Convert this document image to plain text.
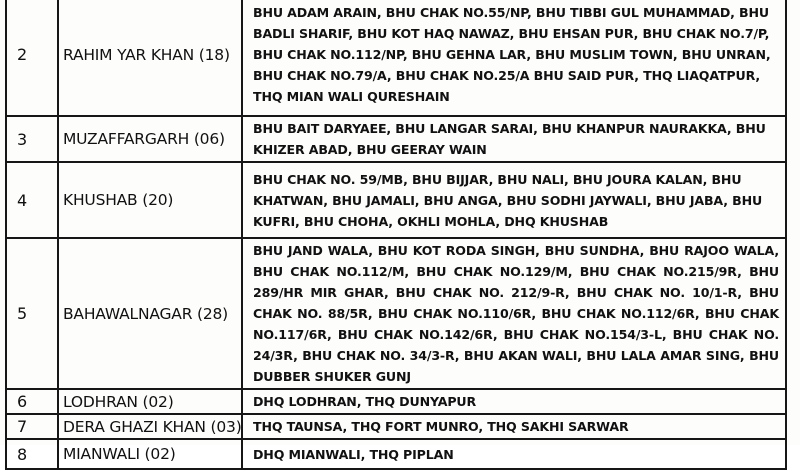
2	RAHIM YAR KHAN (18)	BHU ADAM ARAIN, BHU CHAK NO.55/NP, BHU TIBBI GUL MUHAMMAD, BHU BADLI SHARIF, BHU KOT HAQ NAWAZ, BHU EHSAN PUR, BHU CHAK NO.7/P, BHU CHAK NO.112/NP, BHU GEHNA LAR, BHU MUSLIM TOWN, BHU UNRAN, BHU CHAK NO.79/A, BHU CHAK NO.25/A BHU SAID PUR, THQ LIAQATPUR, THQ MIAN WALI QURESHAIN
3	MUZAFFARGARH (06)	BHU BAIT DARYAEE, BHU LANGAR SARAI, BHU KHANPUR NAURAKKA, BHU KHIZER ABAD, BHU GEERAY WAIN
4	KHUSHAB (20)	BHU CHAK NO. 59/MB, BHU BIJJAR, BHU NALI, BHU JOURA KALAN, BHU KHATWAN, BHU JAMALI, BHU ANGA, BHU SODHI JAYWALI, BHU JABA, BHU KUFRI, BHU CHOHA, OKHLI MOHLA, DHQ KHUSHAB
5	BAHAWALNAGAR (28)	BHU JAND WALA, BHU KOT RODA SINGH, BHU SUNDHA, BHU RAJOO WALA, BHU CHAK NO.112/M, BHU CHAK NO.129/M, BHU CHAK NO.215/9R, BHU 289/HR MIR GHAR, BHU CHAK NO. 212/9-R, BHU CHAK NO. 10/1-R, BHU CHAK NO. 88/5R, BHU CHAK NO.110/6R, BHU CHAK NO.112/6R, BHU CHAK NO.117/6R, BHU CHAK NO.142/6R, BHU CHAK NO.154/3-L, BHU CHAK NO. 24/3R, BHU CHAK NO. 34/3-R, BHU AKAN WALI, BHU LALA AMAR SING, BHU DUBBER SHUKER GUNJ
6	LODHRAN (02)	DHQ LODHRAN, THQ DUNYAPUR
7	DERA GHAZI KHAN (03)	THQ TAUNSA, THQ FORT MUNRO, THQ SAKHI SARWAR
8	MIANWALI (02)	DHQ MIANWALI, THQ PIPLAN
